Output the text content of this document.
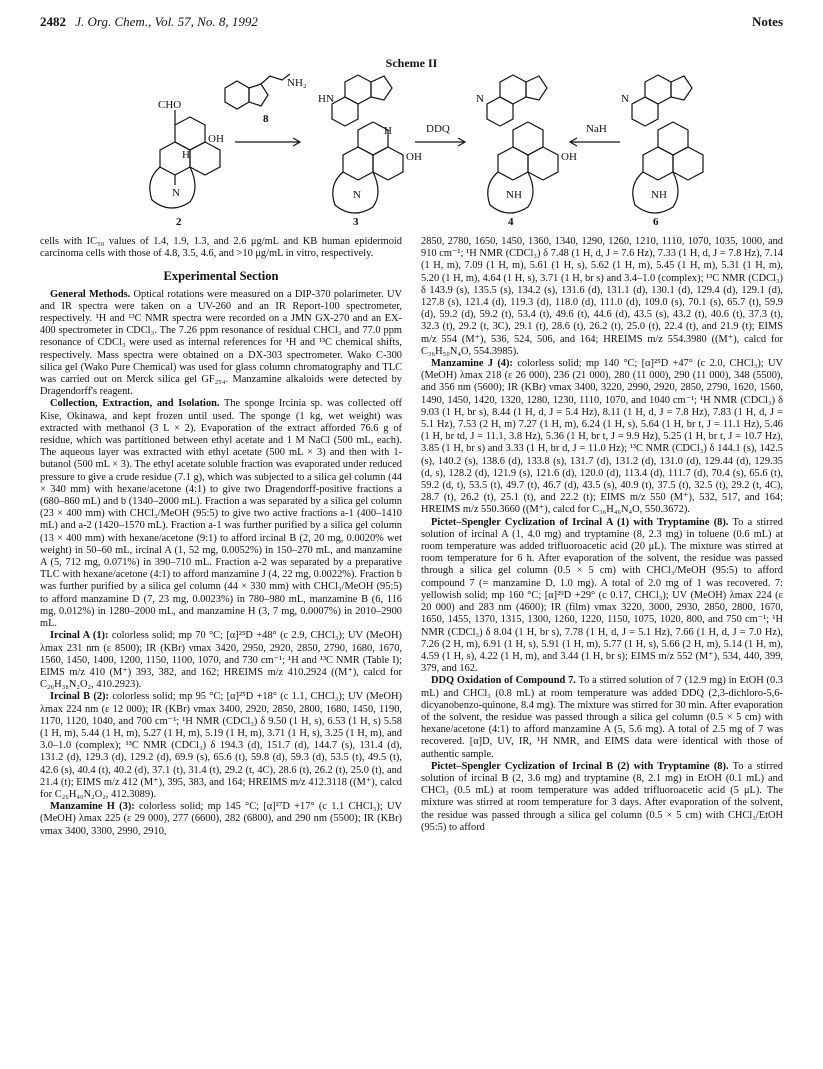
2482 J. Org. Chem., Vol. 57, No. 8, 1992	Notes
Scheme II
CHO
OH
N
H
NH₂
8
HN
H
OH
N
DDQ
N
OH
NH
NaH
N
NH
2	3	4	6

cells with IC₅₀ values of 1.4, 1.9, 1.3, and 2.6 μg/mL and KB human epidermoid carcinoma cells with those of 4.8, 3.5, 4.6, and >10 μg/mL in vitro, respectively.

Experimental Section

General Methods. Optical rotations were measured on a DIP-370 polarimeter. UV and IR spectra were taken on a UV-260 and an IR Report-100 spectrometer, respectively. ¹H and ¹³C NMR spectra were recorded on a JMN GX-270 and an EX-400 spectrometer in CDCl₃. The 7.26 ppm resonance of residual CHCl₃ and 77.0 ppm resonance of CDCl₃ were used as internal references for ¹H and ¹³C chemical shifts, respectively. Mass spectra were obtained on a DX-303 spectrometer. Wako C-300 silica gel (Wako Pure Chemical) was used for glass column chromatography and TLC was carried out on Merck silica gel GF₂₅₄. Manzamine alkaloids were detected by Dragendorff's reagent.

Collection, Extraction, and Isolation. The sponge Ircinia sp. was collected off Kise, Okinawa, and kept frozen until used. The sponge (1 kg, wet weight) was extracted with methanol (3 L × 2). Evaporation of the extract afforded 76.6 g of residue, which was partitioned between ethyl acetate and 1 M NaCl (500 mL, each). The aqueous layer was extracted with ethyl acetate (500 mL × 3) and then with 1-butanol (500 mL × 3). The ethyl acetate soluble fraction was evaporated under reduced pressure to give a crude residue (7.1 g), which was subjected to a silica gel column (44 × 340 mm) with hexane/acetone (4:1) to give two Dragendorff-positive fractions a (680–860 mL) and b (1340–2000 mL). Fraction a was separated by a silica gel column (23 × 400 mm) with CHCl₃/MeOH (95:5) to give two active fractions a-1 (400–1410 mL) and a-2 (1420–1570 mL). Fraction a-1 was further purified by a silica gel column (13 × 400 mm) with hexane/acetone (9:1) to afford ircinal B (2, 20 mg, 0.0020% wet weight) in 50–60 mL, ircinal A (1, 52 mg, 0.0052%) in 150–270 mL, and manzamine A (5, 712 mg, 0.071%) in 390–710 mL. Fraction a-2 was separated by a preparative TLC with hexane/acetone (4:1) to afford manzamine J (4, 22 mg, 0.0022%). Fraction b was further purified by a silica gel column (44 × 330 mm) with CHCl₃/MeOH (95:5) to afford manzamine D (7, 23 mg, 0.0023%) in 780–980 mL, manzamine B (6, 116 mg, 0.012%) in 1280–2000 mL, and manzamine H (3, 7 mg, 0.0007%) in 2010–2900 mL.

Ircinal A (1): colorless solid; mp 70 °C; [α]²⁵D +48° (c 2.9, CHCl₃); UV (MeOH) λmax 231 nm (ε 8500); IR (KBr) νmax 3420, 2950, 2920, 2850, 2790, 1680, 1670, 1560, 1450, 1400, 1200, 1150, 1100, 1070, and 730 cm⁻¹; ¹H and ¹³C NMR (Table I); EIMS m/z 410 (M⁺) 393, 382, and 162; HREIMS m/z 410.2924 ((M⁺), calcd for C₂₆H₃₈N₂O₂, 410.2923).

Ircinal B (2): colorless solid; mp 95 °C; [α]²⁵D +18° (c 1.1, CHCl₃); UV (MeOH) λmax 224 nm (ε 12 000); IR (KBr) νmax 3400, 2920, 2850, 2800, 1680, 1450, 1190, 1170, 1120, 1040, and 700 cm⁻¹; ¹H NMR (CDCl₃) δ 9.50 (1 H, s), 6.53 (1 H, s) 5.58 (1 H, m), 5.44 (1 H, m), 5.27 (1 H, m), 5.19 (1 H, m), 3.71 (1 H, s), 3.25 (1 H, m), and 3.0–1.0 (complex); ¹³C NMR (CDCl₃) δ 194.3 (d), 151.7 (d), 144.7 (s), 131.4 (d), 131.2 (d), 129.3 (d), 129.2 (d), 69.9 (s), 65.6 (t), 59.8 (d), 59.3 (d), 53.5 (t), 49.5 (t), 42.6 (s), 40.4 (t), 40.2 (d), 37.1 (t), 31.4 (t), 29.2 (t, 4C), 28.6 (t), 26.2 (t), 25.0 (t), and 21.4 (t); EIMS m/z 412 (M⁺), 395, 383, and 164; HREIMS m/z 412.3118 ((M⁺), calcd for C₂₆H₄₀N₂O₂, 412.3089).

Manzamine H (3): colorless solid; mp 145 °C; [α]²⁷D +17° (c 1.1 CHCl₃); UV (MeOH) λmax 225 (ε 29 000), 277 (6600), 282 (6800), and 290 nm (5500); IR (KBr) νmax 3400, 3300, 2990, 2910,

2850, 2780, 1650, 1450, 1360, 1340, 1290, 1260, 1210, 1110, 1070, 1035, 1000, and 910 cm⁻¹; ¹H NMR (CDCl₃) δ 7.48 (1 H, d, J = 7.6 Hz), 7.33 (1 H, d, J = 7.8 Hz), 7.14 (1 H, m), 7.09 (1 H, m), 5.61 (1 H, s), 5.62 (1 H, m), 5.45 (1 H, m), 5.31 (1 H, m), 5.20 (1 H, m), 4.64 (1 H, s), 3.71 (1 H, br s) and 3.4–1.0 (complex); ¹³C NMR (CDCl₃) δ 143.9 (s), 135.5 (s), 134.2 (s), 131.6 (d), 131.1 (d), 130.1 (d), 129.4 (d), 129.1 (d), 127.8 (s), 121.4 (d), 119.3 (d), 118.0 (d), 111.0 (d), 109.0 (s), 70.1 (s), 65.7 (t), 59.9 (d), 59.2 (d), 59.2 (t), 53.4 (t), 49.6 (t), 44.6 (d), 43.5 (s), 43.2 (t), 40.6 (t), 37.3 (t), 32.3 (t), 29.2 (t, 3C), 29.1 (t), 28.6 (t), 26.2 (t), 25.0 (t), 22.4 (t), and 21.9 (t); EIMS m/z 554 (M⁺), 536, 524, 506, and 164; HREIMS m/z 554.3980 ((M⁺), calcd for C₃₆H₅₀N₄O, 554.3985).

Manzamine J (4): colorless solid; mp 140 °C; [α]²⁵D +47° (c 2.0, CHCl₃); UV (MeOH) λmax 218 (ε 26 000), 236 (21 000), 280 (11 000), 290 (11 000), 348 (5500), and 356 nm (5600); IR (KBr) νmax 3400, 3220, 2990, 2920, 2850, 2790, 1620, 1560, 1490, 1450, 1420, 1320, 1280, 1230, 1110, 1070, and 1040 cm⁻¹; ¹H NMR (CDCl₃) δ 9.03 (1 H, br s), 8.44 (1 H, d, J = 5.4 Hz), 8.11 (1 H, d, J = 7.8 Hz), 7.83 (1 H, d, J = 5.1 Hz), 7.53 (2 H, m) 7.27 (1 H, m), 6.24 (1 H, s), 5.64 (1 H, br t, J = 11.1 Hz), 5.46 (1 H, br td, J = 11.1, 3.8 Hz), 5.36 (1 H, br t, J = 9.9 Hz), 5.25 (1 H, br t, J = 10.7 Hz), 3.85 (1 H, br s) and 3.33 (1 H, br d, J = 11.0 Hz); ¹³C NMR (CDCl₃) δ 144.1 (s), 142.5 (s), 140.2 (s), 138.6 (d), 133.8 (s), 131.7 (d), 131.2 (d), 131.0 (d), 129.44 (d), 129.35 (d, s), 128.2 (d), 121.9 (s), 121.6 (d), 120.0 (d), 113.4 (d), 111.7 (d), 70.4 (s), 65.6 (t), 59.2 (d, t), 53.5 (t), 49.7 (t), 46.7 (d), 43.5 (s), 40.9 (t), 37.5 (t), 32.5 (t), 29.2 (t, 4C), 28.7 (t), 26.2 (t), 25.1 (t), and 22.2 (t); EIMS m/z 550 (M⁺), 532, 517, and 164; HREIMS m/z 550.3660 ((M⁺), calcd for C₃₆H₄₆N₄O, 550.3672).

Pictet–Spengler Cyclization of Ircinal A (1) with Tryptamine (8). To a stirred solution of ircinal A (1, 4.0 mg) and tryptamine (8, 2.3 mg) in toluene (0.6 mL) at room temperature was added trifluoroacetic acid (20 μL). The mixture was stirred at room temperature for 6 h. After evaporation of the solvent, the residue was passed through a silica gel column (0.5 × 5 cm) with CHCl₃/MeOH (95:5) to afford compound 7 (= manzamine D, 1.0 mg). A total of 2.0 mg of 1 was recovered. 7: yellowish solid; mp 160 °C; [α]²⁹D +29° (c 0.17, CHCl₃); UV (MeOH) λmax 224 (ε 20 000) and 283 nm (4600); IR (film) νmax 3220, 3000, 2930, 2850, 2800, 1670, 1650, 1455, 1370, 1315, 1300, 1260, 1220, 1150, 1075, 1020, 800, and 750 cm⁻¹; ¹H NMR (CDCl₃) δ 8.04 (1 H, br s), 7.78 (1 H, d, J = 5.1 Hz), 7.66 (1 H, d, J = 7.0 Hz), 7.26 (2 H, m), 6.91 (1 H, s), 5.91 (1 H, m), 5.77 (1 H, s), 5.66 (2 H, m), 5.14 (1 H, m), 4.59 (1 H, s), 4.22 (1 H, m), and 3.44 (1 H, br s); EIMS m/z 552 (M⁺), 534, 440, 399, 379, and 162.

DDQ Oxidation of Compound 7. To a stirred solution of 7 (12.9 mg) in EtOH (0.3 mL) and CHCl₃ (0.8 mL) at room temperature was added DDQ (2,3-dichloro-5,6-dicyanobenzo-quinone, 8.4 mg). The mixture was stirred for 30 min. After evaporation of the solvent, the residue was passed through a silica gel column (0.5 × 5 cm) with hexane/acetone (4:1) to afford manzamine A (5, 5.6 mg). A total of 2.5 mg of 7 was recovered. [α]D, UV, IR, ¹H NMR, and EIMS data were identical with those of authentic sample.

Pictet–Spengler Cyclization of Ircinal B (2) with Tryptamine (8). To a stirred solution of ircinal B (2, 3.6 mg) and tryptamine (8, 2.1 mg) in EtOH (0.1 mL) and CHCl₃ (0.5 mL) at room temperature was added trifluoroacetic acid (5 μL). The mixture was stirred at room temperature for 3 days. After evaporation of the solvent, the residue was passed through a silica gel column (0.5 × 5 cm) with CHCl₃/EtOH (95:5) to afford
